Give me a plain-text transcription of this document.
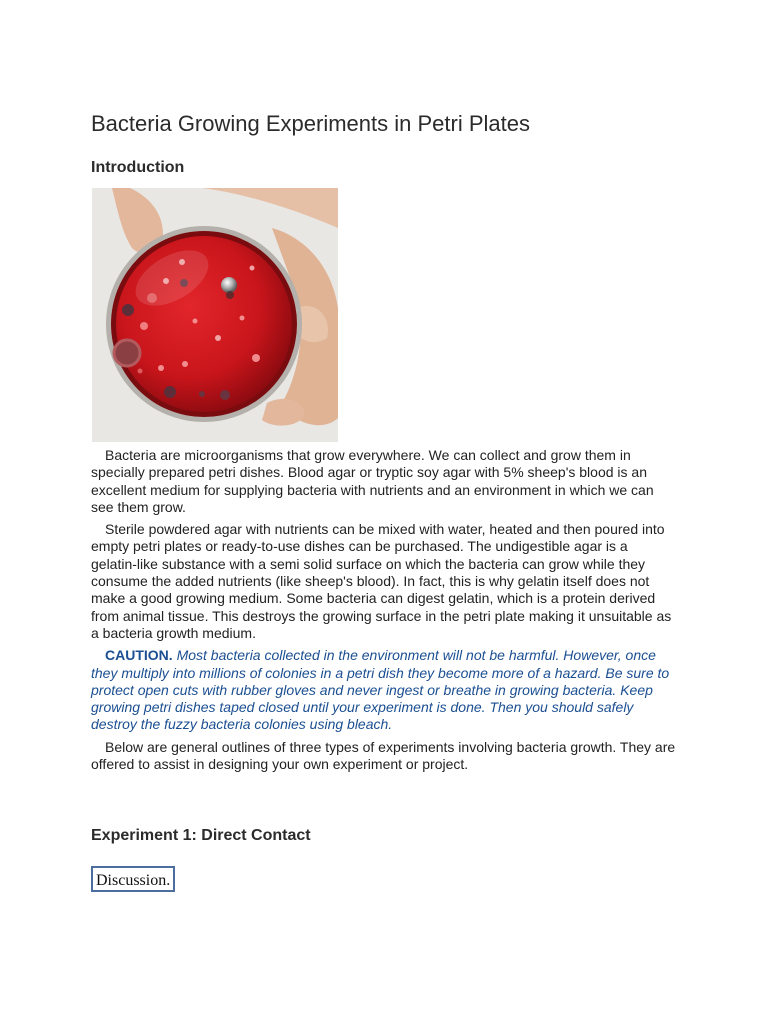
Bacteria Growing Experiments in Petri Plates
Introduction

Bacteria are microorganisms that grow everywhere. We can collect and grow them in specially prepared petri dishes. Blood agar or tryptic soy agar with 5% sheep's blood is an excellent medium for supplying bacteria with nutrients and an environment in which we can see them grow.

Sterile powdered agar with nutrients can be mixed with water, heated and then poured into empty petri plates or ready-to-use dishes can be purchased. The undigestible agar is a gelatin-like substance with a semi solid surface on which the bacteria can grow while they consume the added nutrients (like sheep's blood). In fact, this is why gelatin itself does not make a good growing medium. Some bacteria can digest gelatin, which is a protein derived from animal tissue. This destroys the growing surface in the petri plate making it unsuitable as a bacteria growth medium.

CAUTION. Most bacteria collected in the environment will not be harmful. However, once they multiply into millions of colonies in a petri dish they become more of a hazard. Be sure to protect open cuts with rubber gloves and never ingest or breathe in growing bacteria. Keep growing petri dishes taped closed until your experiment is done. Then you should safely destroy the fuzzy bacteria colonies using bleach.

Below are general outlines of three types of experiments involving bacteria growth. They are offered to assist in designing your own experiment or project.

Experiment 1: Direct Contact
Discussion.
